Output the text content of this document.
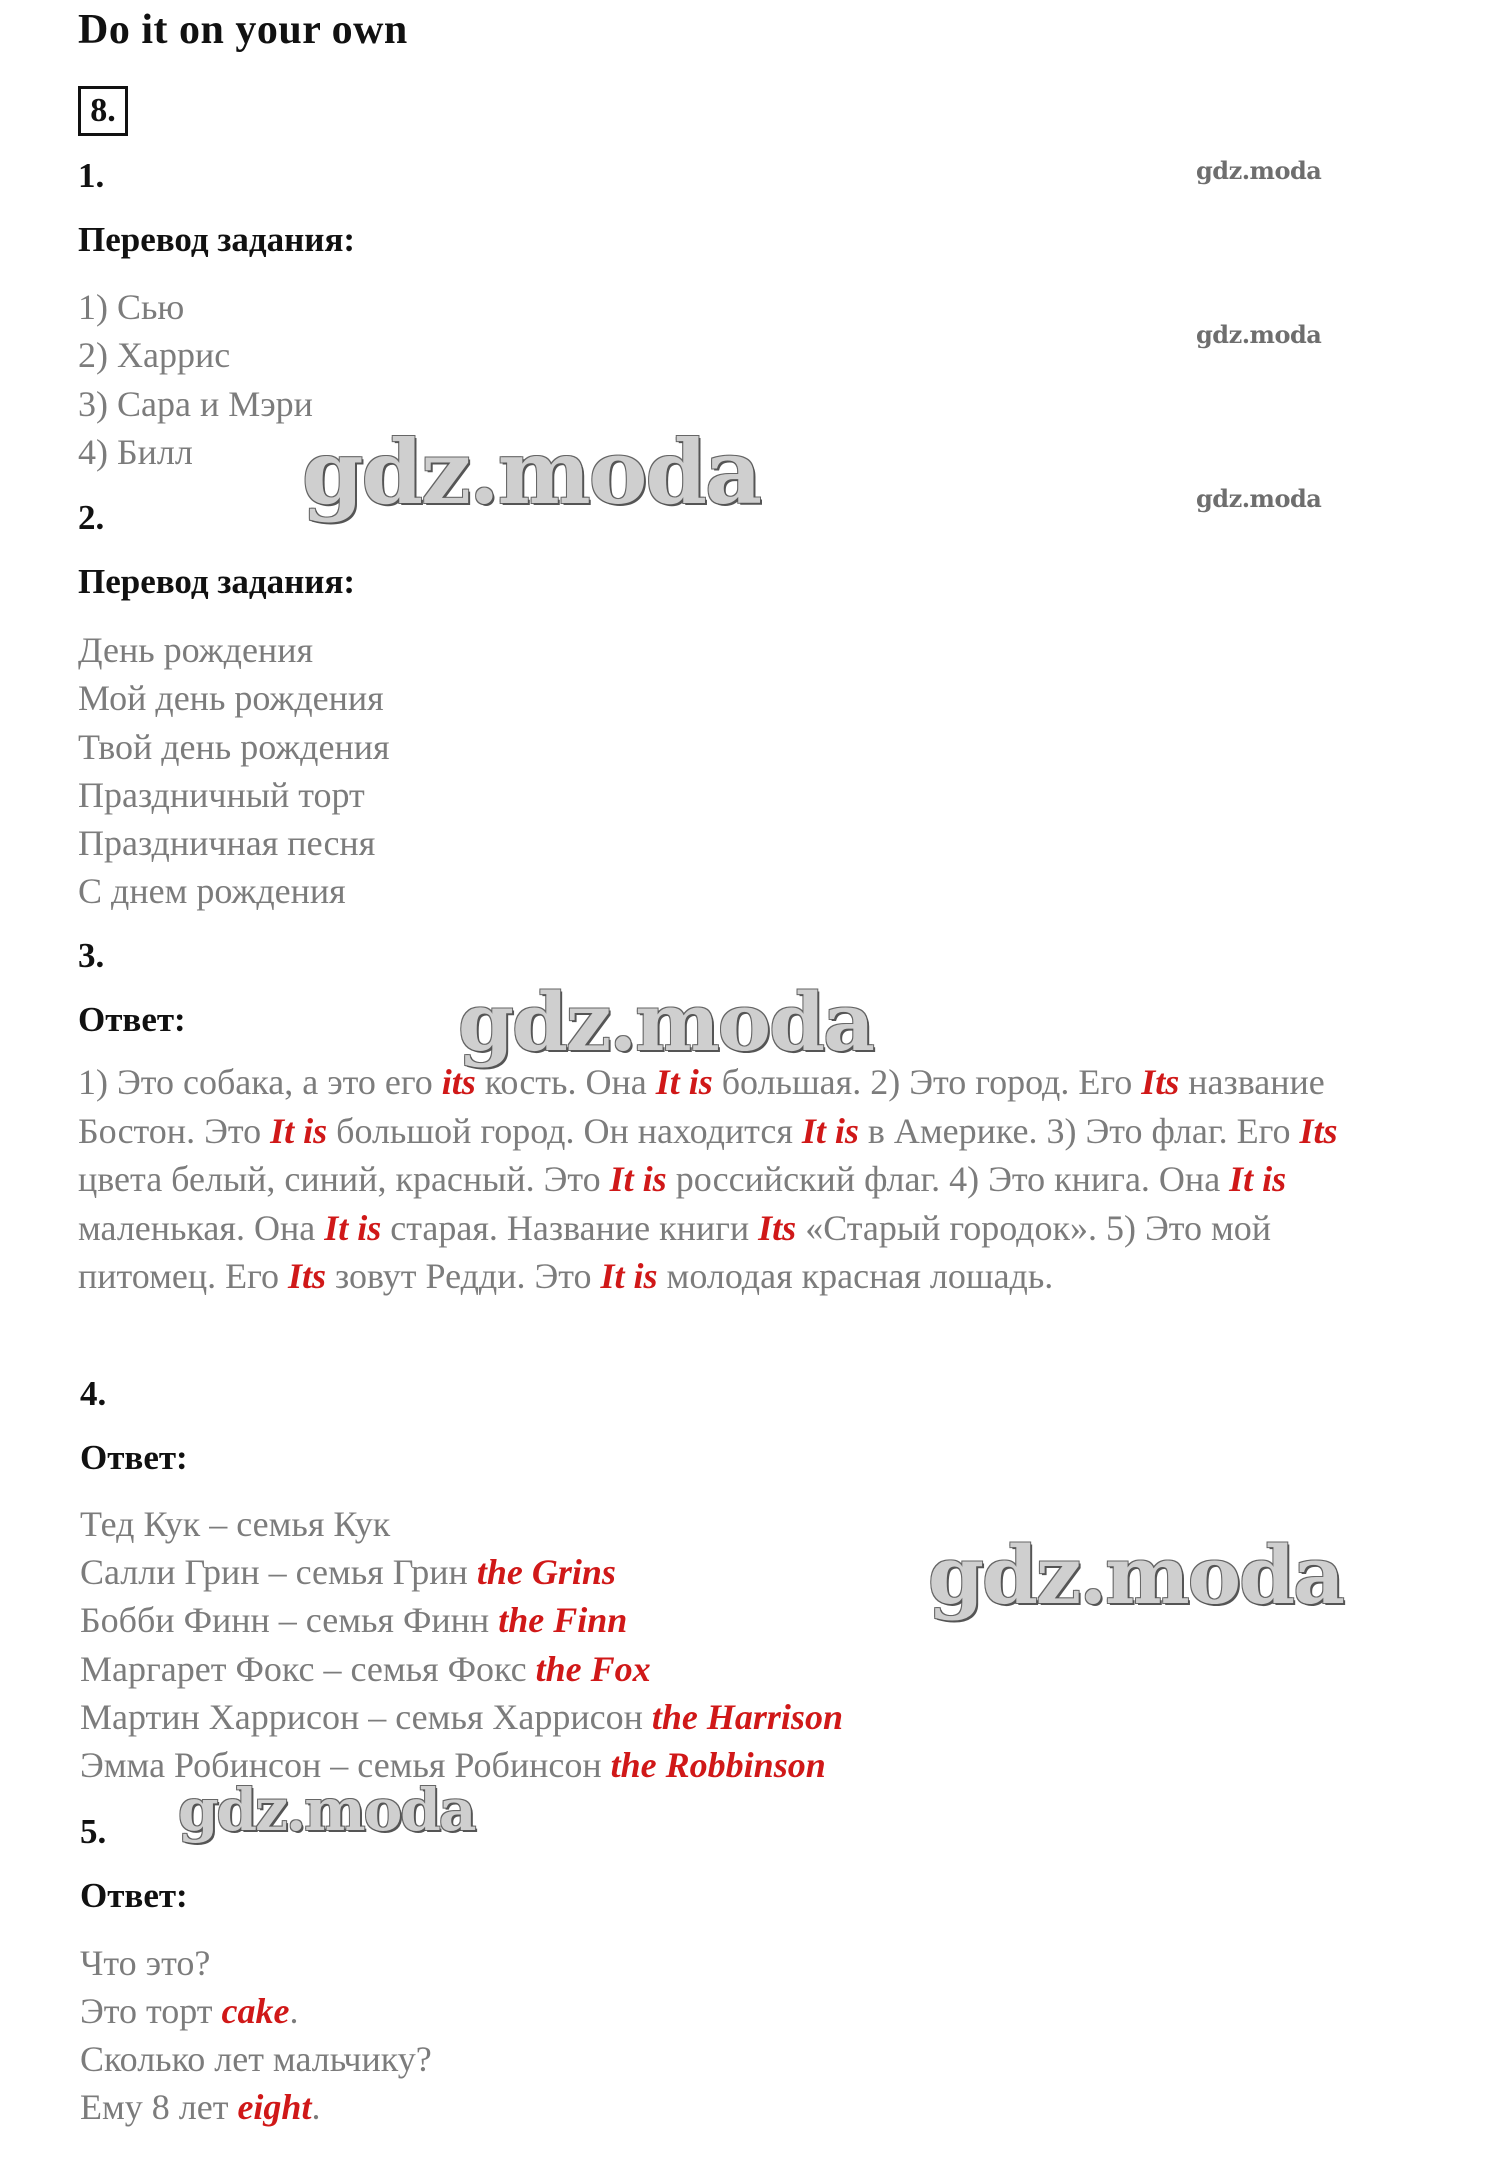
Do it on your own
8.
gdz.moda
gdz.moda
gdz.moda
1.
Перевод задания:
1) Сью
2) Харрис
3) Сара и Мэри
4) Билл gdz.moda
2.
Перевод задания:
День рождения
Мой день рождения
Твой день рождения
Праздничный торт
Праздничная песня
С днем рождения
3.
Ответ:	gdz.moda
1) Это собака, а это его its кость. Она It is большая. 2) Это город. Его Its название Бостон. Это It is большой город. Он находится It is в Америке. 3) Это флаг. Его Its цвета белый, синий, красный. Это It is российский флаг. 4) Это книга. Она It is маленькая. Она It is старая. Название книги Its «Старый городок». 5) Это мой питомец. Его Its зовут Редди. Это It is молодая красная лошадь.
4.
Ответ:
Тед Кук – семья Кук
Салли Грин – семья Грин the Grins
Бобби Финн – семья Финн the Finn
Маргарет Фокс – семья Фокс the Fox
Мартин Харрисон – семья Харрисон the Harrison
Эмма Робинсон – семья Робинсон the Robbinson
gdz.moda
gdz.moda
5.
Ответ:
Что это?
Это торт cake.
Сколько лет мальчику?
Ему 8 лет eight.
